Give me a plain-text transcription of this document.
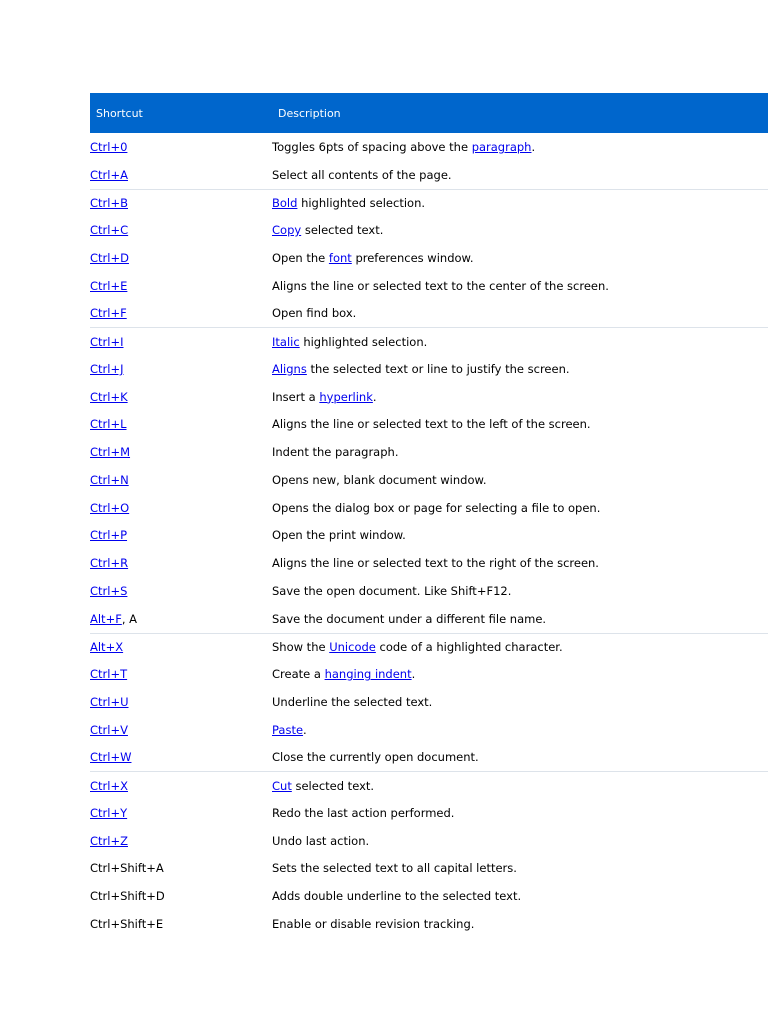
Shortcut	Description
Ctrl+0	Toggles 6pts of spacing above the paragraph.
Ctrl+A	Select all contents of the page.
Ctrl+B	Bold highlighted selection.
Ctrl+C	Copy selected text.
Ctrl+D	Open the font preferences window.
Ctrl+E	Aligns the line or selected text to the center of the screen.
Ctrl+F	Open find box.
Ctrl+I	Italic highlighted selection.
Ctrl+J	Aligns the selected text or line to justify the screen.
Ctrl+K	Insert a hyperlink.
Ctrl+L	Aligns the line or selected text to the left of the screen.
Ctrl+M	Indent the paragraph.
Ctrl+N	Opens new, blank document window.
Ctrl+O	Opens the dialog box or page for selecting a file to open.
Ctrl+P	Open the print window.
Ctrl+R	Aligns the line or selected text to the right of the screen.
Ctrl+S	Save the open document. Like Shift+F12.
Alt+F, A	Save the document under a different file name.
Alt+X	Show the Unicode code of a highlighted character.
Ctrl+T	Create a hanging indent.
Ctrl+U	Underline the selected text.
Ctrl+V	Paste.
Ctrl+W	Close the currently open document.
Ctrl+X	Cut selected text.
Ctrl+Y	Redo the last action performed.
Ctrl+Z	Undo last action.
Ctrl+Shift+A	Sets the selected text to all capital letters.
Ctrl+Shift+D	Adds double underline to the selected text.
Ctrl+Shift+E	Enable or disable revision tracking.
